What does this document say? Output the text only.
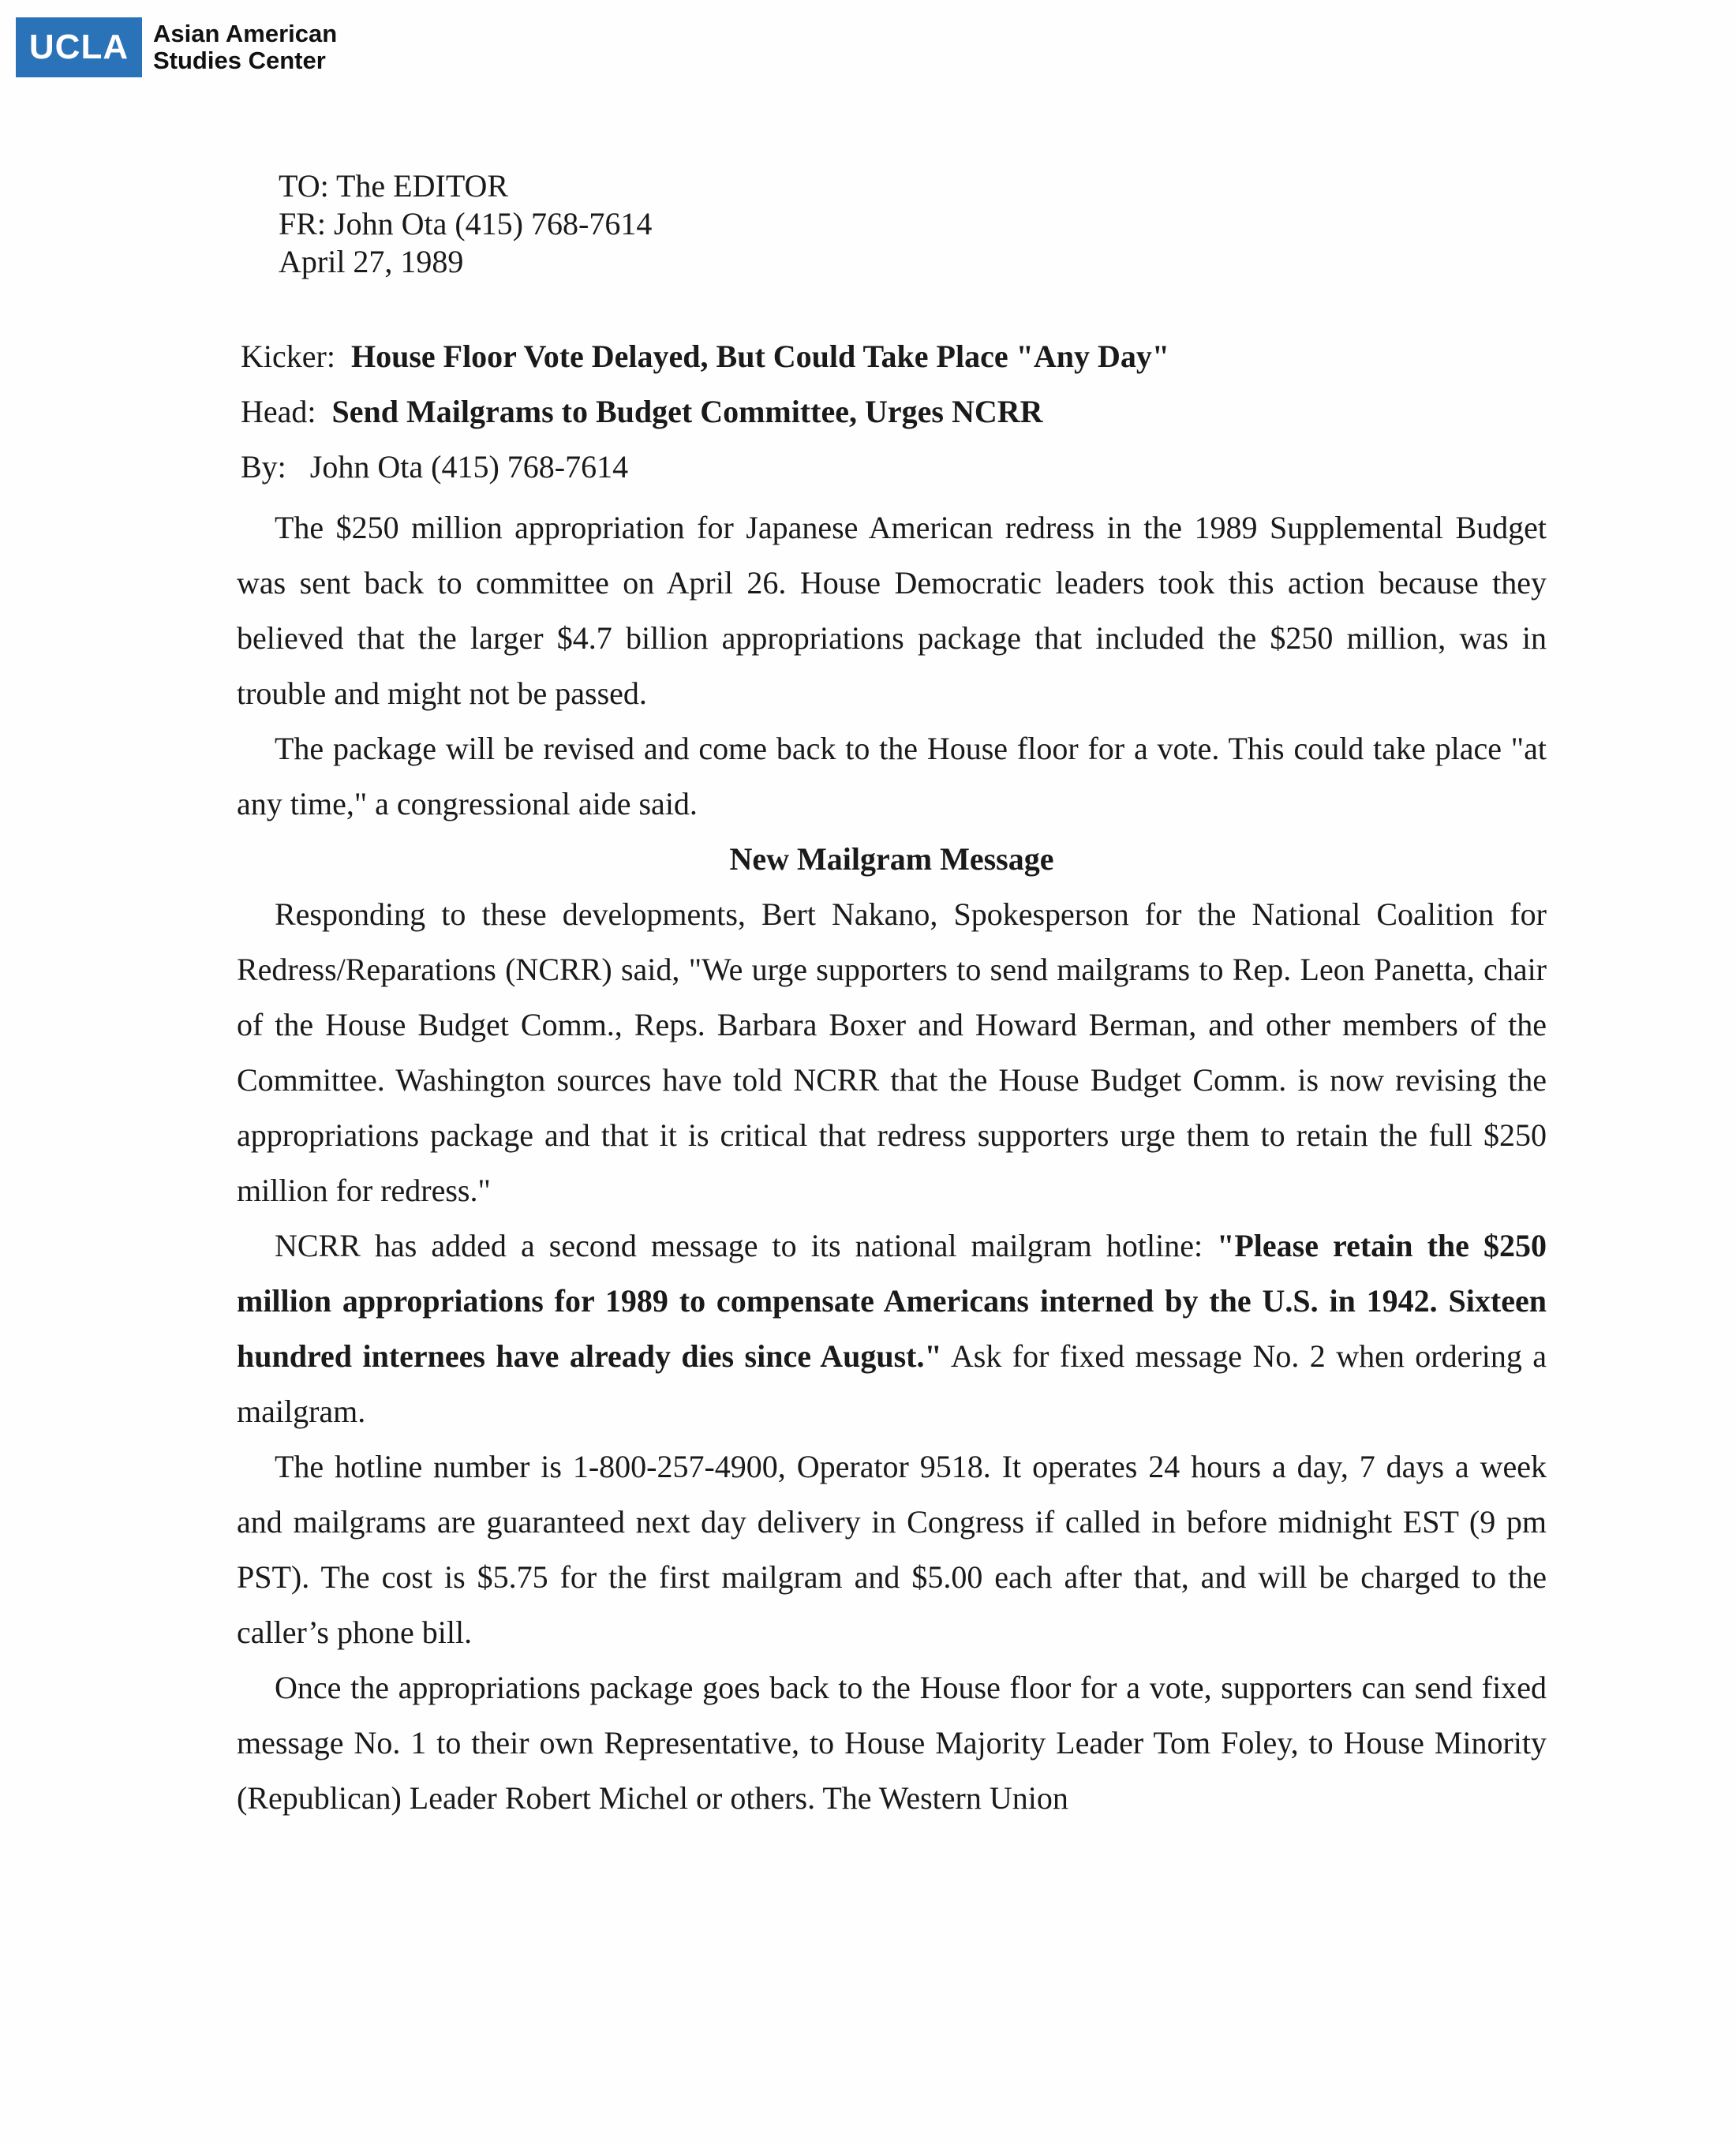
UCLA Asian American
Studies Center
TO: The EDITOR
FR: John Ota (415) 768-7614
April 27, 1989
Kicker: House Floor Vote Delayed, But Could Take Place "Any Day"
Head: Send Mailgrams to Budget Committee, Urges NCRR
By: John Ota (415) 768-7614

The $250 million appropriation for Japanese American redress in the 1989 Supplemental Budget was sent back to committee on April 26. House Democratic leaders took this action because they believed that the larger $4.7 billion appropriations package that included the $250 million, was in trouble and might not be passed.

The package will be revised and come back to the House floor for a vote. This could take place "at any time," a congressional aide said.

New Mailgram Message

Responding to these developments, Bert Nakano, Spokesperson for the National Coalition for Redress/Reparations (NCRR) said, "We urge supporters to send mailgrams to Rep. Leon Panetta, chair of the House Budget Comm., Reps. Barbara Boxer and Howard Berman, and other members of the Committee. Washington sources have told NCRR that the House Budget Comm. is now revising the appropriations package and that it is critical that redress supporters urge them to retain the full $250 million for redress."

NCRR has added a second message to its national mailgram hotline: "Please retain the $250 million appropriations for 1989 to compensate Americans interned by the U.S. in 1942. Sixteen hundred internees have already dies since August." Ask for fixed message No. 2 when ordering a mailgram.

The hotline number is 1-800-257-4900, Operator 9518. It operates 24 hours a day, 7 days a week and mailgrams are guaranteed next day delivery in Congress if called in before midnight EST (9 pm PST). The cost is $5.75 for the first mailgram and $5.00 each after that, and will be charged to the caller’s phone bill.

Once the appropriations package goes back to the House floor for a vote, supporters can send fixed message No. 1 to their own Representative, to House Majority Leader Tom Foley, to House Minority (Republican) Leader Robert Michel or others. The Western Union
